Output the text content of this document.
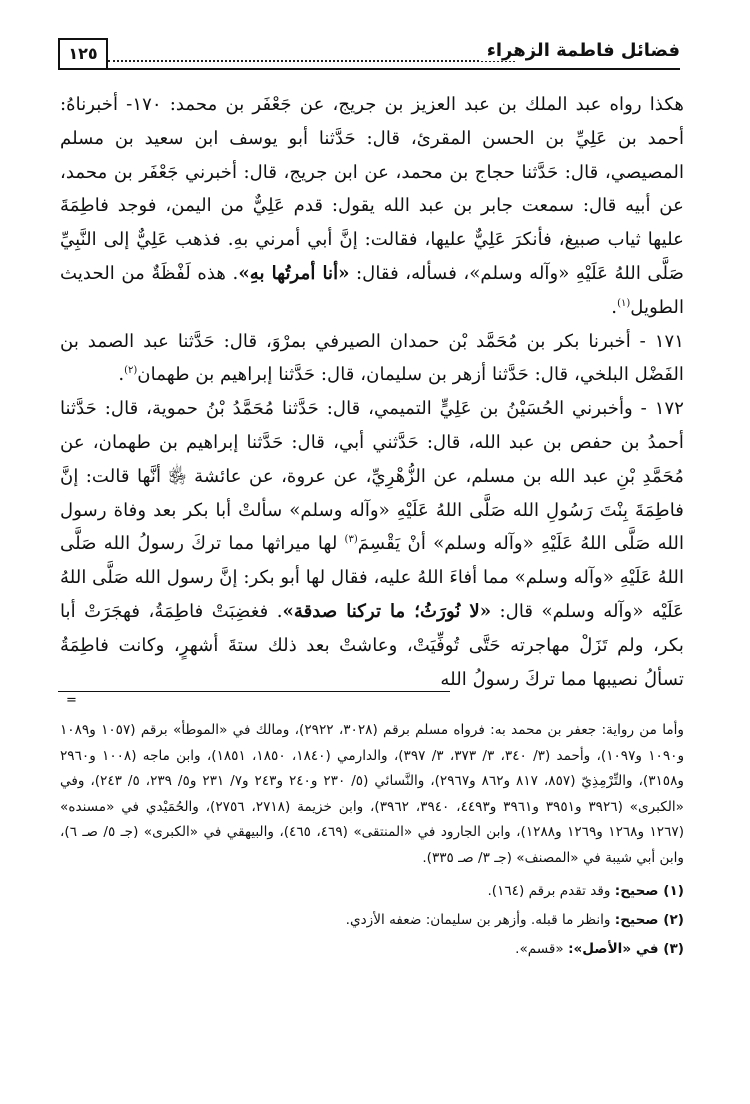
فضائل فاطمة الزهراء
١٢٥

هكذا رواه عبد الملك بن عبد العزيز بن جريج، عن جَعْفَر بن محمد: ١٧٠- أخبرناهُ: أحمد بن عَلِيِّ بن الحسن المقرئ، قال: حَدَّثنا أبو يوسف ابن سعيد بن مسلم المصيصي، قال: حَدَّثنا حجاج بن محمد، عن ابن جريج، قال: أخبرني جَعْفَر بن محمد، عن أبيه قال: سمعت جابر بن عبد الله يقول: قدم عَلِيٌّ من اليمن، فوجد فاطِمَةَ عليها ثياب صبيغ، فأنكرَ عَلِيٌّ عليها، فقالت: إنَّ أبي أمرني بهِ. فذهب عَلِيٌّ إلى النَّبِيِّ صَلَّى اللهُ عَلَيْهِ «وآله وسلم»، فسأله، فقال: «أنا أمرتُها بهِ». هذه لَفْظَةٌ من الحديث الطويل$^{(١)}$.

١٧١ - أخبرنا بكر بن مُحَمَّد بْن حمدان الصيرفي بمرْوَ، قال: حَدَّثنا عبد الصمد بن الفَضْل البلخي، قال: حَدَّثنا أزهر بن سليمان، قال: حَدَّثنا إبراهيم بن طهمان$^{(٢)}$.

١٧٢ - وأخبرني الحُسَيْنُ بن عَلِيٍّ التميمي، قال: حَدَّثنا مُحَمَّدُ بْنُ حموية، قال: حَدَّثنا أحمدُ بن حفص بن عبد الله، قال: حَدَّثني أبي، قال: حَدَّثنا إبراهيم بن طهمان، عن مُحَمَّدِ بْنِ عبد الله بن مسلم، عن الزُّهْرِيِّ، عن عروة، عن عائشة ﵂ أنَّها قالت: إنَّ فاطِمَةَ بِنْتَ رَسُولِ الله صَلَّى اللهُ عَلَيْهِ «وآله وسلم» سألتْ أبا بكر بعد وفاة رسول الله صَلَّى اللهُ عَلَيْهِ «وآله وسلم» أنْ يَقْسِمَ$^{(٣)}$ لها ميراثها مما تركَ رسولُ الله صَلَّى اللهُ عَلَيْهِ «وآله وسلم» مما أفاءَ اللهُ عليه، فقال لها أبو بكر: إنَّ رسول الله صَلَّى اللهُ عَلَيْه «وآله وسلم» قال: «لا نُورَثُ؛ ما تركنا صدقة». فغضِبَتْ فاطِمَةُ، فهجَرَتْ أبا بكر، ولم تَزَلْ مهاجرته حَتَّى تُوفِّيَتْ، وعاشتْ بعد ذلك ستةَ أشهرٍ، وكانت فاطِمَةُ تسألُ نصيبها مما تركَ رسولُ الله

=

وأما من رواية: جعفر بن محمد به: فرواه مسلم برقم (٣٠٢٨، ٢٩٢٢)، ومالك في «الموطأ» برقم (١٠٥٧ و١٠٨٩ و١٠٩٠ و١٠٩٧)، وأحمد (٣/ ٣٤٠، ٣/ ٣٧٣، ٣/ ٣٩٧)، والدارمي (١٨٤٠، ١٨٥٠، ١٨٥١)، وابن ماجه (١٠٠٨ و٢٩٦٠ و٣١٥٨)، والتِّرْمِذِيّ (٨٥٧، ٨١٧ و٨٦٢ و٢٩٦٧)، والنَّسائي (٥/ ٢٣٠ و٢٤٠ و٢٤٣ و٧/ ٢٣١ و٥/ ٢٣٩، ٥/ ٢٤٣)، وفي «الكبرى» (٣٩٢٦ و٣٩٥١ و٣٩٦١ و٤٤٩٣، ٣٩٤٠، ٣٩٦٢)، وابن خزيمة (٢٧١٨، ٢٧٥٦)، والحُمَيْدي في «مسنده» (١٢٦٧ و١٢٦٨ و١٢٦٩ و١٢٨٨)، وابن الجارود في «المنتقى» (٤٦٩، ٤٦٥)، والبيهقي في «الكبرى» (جـ ٥/ صـ ٦)، وابن أبي شيبة في «المصنف» (جـ ٣/ صـ ٣٣٥).

(١) صحيح: وقد تقدم برقم (١٦٤).

(٢) صحيح: وانظر ما قبله. وأزهر بن سليمان: ضعفه الأزدي.

(٣) في «الأصل»: «قسم».
